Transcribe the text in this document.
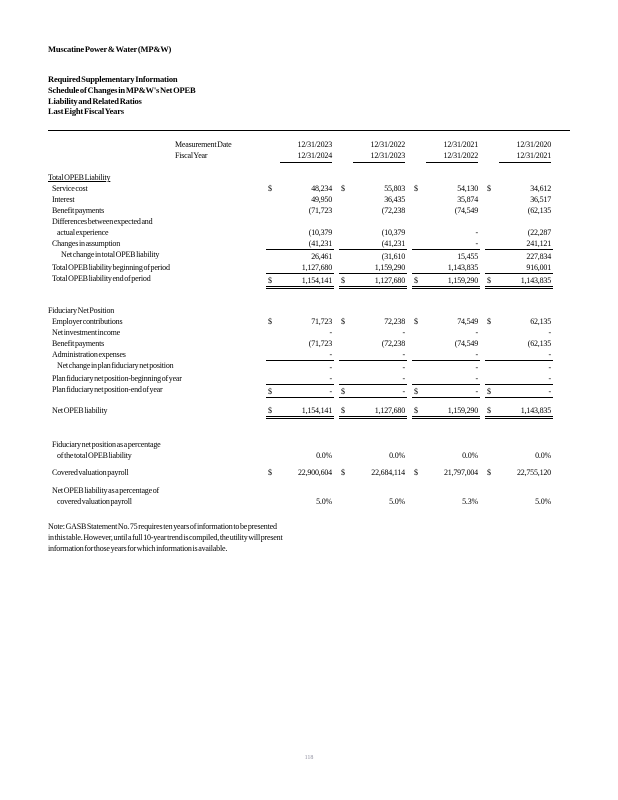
Muscatine Power & Water (MP&W)
Required Supplementary Information
Schedule of Changes in MP&W's Net OPEB
Liability and Related Ratios
Last Eight Fiscal Years
Measurement Date	12/31/2023	12/31/2022	12/31/2021	12/31/2020
Fiscal Year	12/31/2024	12/31/2023	12/31/2022	12/31/2021
Total OPEB Liability
Service cost	$	48,234 $	55,803 $	54,130 $	34,612
Interest	49,950	36,435	35,874	36,517
Benefit payments	(71,723	(72,238	(74,549	(62,135
Differences between expected and
actual experience	(10,379	(10,379	-	(22,287
Changes in assumption	(41,231	(41,231	-	241,121
Net change in total OPEB liability	26,461	(31,610	15,455	227,834
Total OPEB liability beginning of period	1,127,680	1,159,290	1,143,835	916,001
Total OPEB liability end of period	$	1,154,141 $	1,127,680 $	1,159,290 $	1,143,835
Fiduciary Net Position
Employer contributions	$	71,723 $	72,238 $	74,549 $	62,135
Net investment income	-	-	-	-
Benefit payments	(71,723	(72,238	(74,549	(62,135
Administration expenses	-	-	-	-
Net change in plan fiduciary net position	-	-	-	-
Plan fiduciary net position-beginning of year	-	-	-	-
Plan fiduciary net position-end of year	$	- $	- $	- $	-
Net OPEB liability	$	1,154,141 $	1,127,680 $	1,159,290 $	1,143,835
Fiduciary net position as a percentage
of the total OPEB liability	0.0%	0.0%	0.0%	0.0%
Covered valuation payroll	$	22,900,604 $	22,684,114 $	21,797,004 $	22,755,120
Net OPEB liability as a percentage of
covered valuation payroll	5.0%	5.0%	5.3%	5.0%
Note: GASB Statement No. 75 requires ten years of information to be presented
in this table. However, until a full 10-year trend is compiled, the utility will present
information for those years for which information is available.
118
